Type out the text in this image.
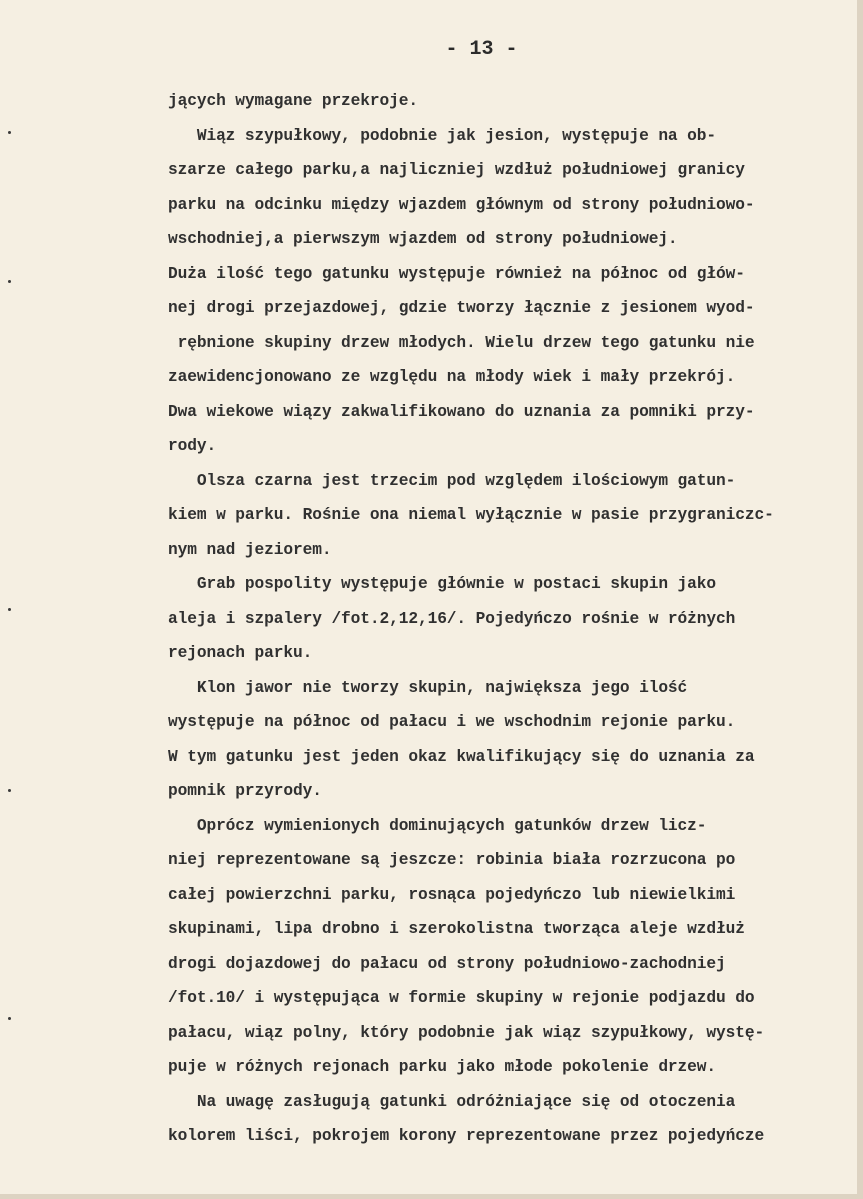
- 13 -
jących wymagane przekroje.
Wiąz szypułkowy, podobnie jak jesion, występuje na ob-
szarze całego parku,a najliczniej wzdłuż południowej granicy
parku na odcinku między wjazdem głównym od strony południowo-
wschodniej,a pierwszym wjazdem od strony południowej.
Duża ilość tego gatunku występuje również na północ od głów-
nej drogi przejazdowej, gdzie tworzy łącznie z jesionem wyod-
rębnione skupiny drzew młodych. Wielu drzew tego gatunku nie
zaewidencjonowano ze względu na młody wiek i mały przekrój.
Dwa wiekowe wiązy zakwalifikowano do uznania za pomniki przy-
rody.
Olsza czarna jest trzecim pod względem ilościowym gatun-
kiem w parku. Rośnie ona niemal wyłącznie w pasie przygraniczc-
nym nad jeziorem.
Grab pospolity występuje głównie w postaci skupin jako
aleja i szpalery /fot.2,12,16/. Pojedyńczo rośnie w różnych
rejonach parku.
Klon jawor nie tworzy skupin, największa jego ilość
występuje na północ od pałacu i we wschodnim rejonie parku.
W tym gatunku jest jeden okaz kwalifikujący się do uznania za
pomnik przyrody.
Oprócz wymienionych dominujących gatunków drzew licz-
niej reprezentowane są jeszcze: robinia biała rozrzucona po
całej powierzchni parku, rosnąca pojedyńczo lub niewielkimi
skupinami, lipa drobno i szerokolistna tworząca aleje wzdłuż
drogi dojazdowej do pałacu od strony południowo-zachodniej
/fot.10/ i występująca w formie skupiny w rejonie podjazdu do
pałacu, wiąz polny, który podobnie jak wiąz szypułkowy, wystę-
puje w różnych rejonach parku jako młode pokolenie drzew.
Na uwagę zasługują gatunki odróżniające się od otoczenia
kolorem liści, pokrojem korony reprezentowane przez pojedyńcze
